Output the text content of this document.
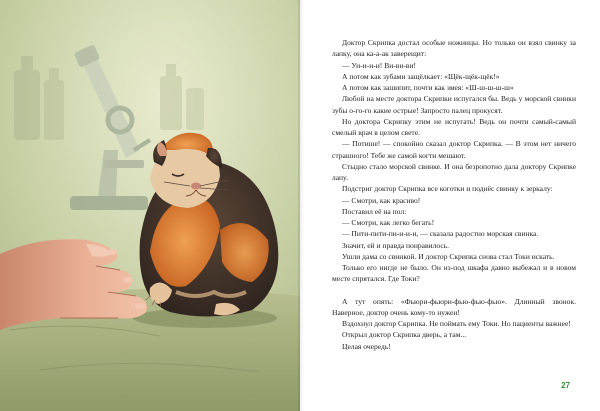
Доктор Скрипка достал особые ножницы. Но только он взял свинку за лапку, она ка-а-ак заверещит:

— Уи-и-и-и! Ви-ви-ви!

А потом как зубами защёлкает: «Щёк-щёк-щёк!»

А потом как зашипит, почти как змея: «Ш-ш-ш-ш-ш»

Любой на месте доктора Скрипки испугался бы. Ведь у морской свинки зубы о-го-го какие острые! Запросто палец прокусят.

Но доктора Скрипку этим не испугать! Ведь он почти самый-самый смелый врач в целом свете.

— Потише! — спокойно сказал доктор Скрипка. — В этом нет ничего страшного! Тебе же самой когти мешают.

Стыдно стало морской свинке. И она безропотно дала доктору Скрипке лапу.

Подстриг доктор Скрипка все коготки и поднёс свинку к зеркалу:

— Смотри, как красиво!

Поставил её на пол:

— Смотри, как легко бегать!

— Пити-пити-пи-и-и-и, — сказала радостно морская свинка.

Значит, ей и правда понравилось.

Ушли дама со свинкой. И доктор Скрипка снова стал Токи искать.

Только его нигде не было. Он из-под шкафа давно выбежал и в новом месте спрятался. Где Токи?

А тут опять: «Фьюри-фьюри-фью-фью-фью». Длинный звонок. Наверное, доктор очень кому-то нужен!

Вздохнул доктор Скрипка. Не поймать ему Токи. Но пациенты важнее!

Открыл доктор Скрипка дверь, а там...

Целая очередь!

27
